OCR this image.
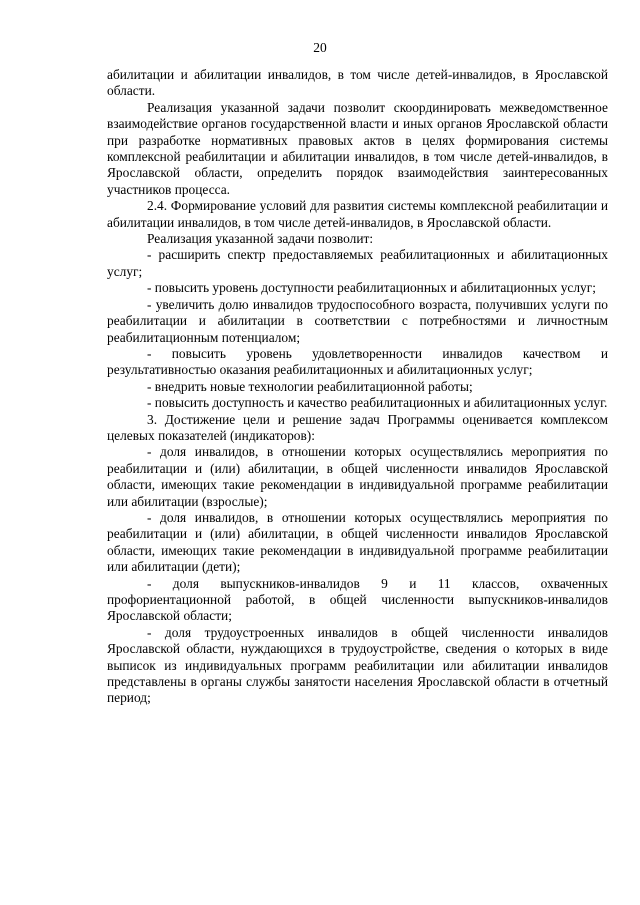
20

абилитации и абилитации инвалидов, в том числе детей-инвалидов, в Ярославской области.

Реализация указанной задачи позволит скоординировать межведомственное взаимодействие органов государственной власти и иных органов Ярославской области при разработке нормативных правовых актов в целях формирования системы комплексной реабилитации и абилитации инвалидов, в том числе детей-инвалидов, в Ярославской области, определить порядок взаимодействия заинтересованных участников процесса.

2.4. Формирование условий для развития системы комплексной реабилитации и абилитации инвалидов, в том числе детей-инвалидов, в Ярославской области.

Реализация указанной задачи позволит:

- расширить спектр предоставляемых реабилитационных и абилитационных услуг;

- повысить уровень доступности реабилитационных и абилитационных услуг;

- увеличить долю инвалидов трудоспособного возраста, получивших услуги по реабилитации и абилитации в соответствии с потребностями и личностным реабилитационным потенциалом;

- повысить уровень удовлетворенности инвалидов качеством и результативностью оказания реабилитационных и абилитационных услуг;

- внедрить новые технологии реабилитационной работы;

- повысить доступность и качество реабилитационных и абилитационных услуг.

3. Достижение цели и решение задач Программы оценивается комплексом целевых показателей (индикаторов):

- доля инвалидов, в отношении которых осуществлялись мероприятия по реабилитации и (или) абилитации, в общей численности инвалидов Ярославской области, имеющих такие рекомендации в индивидуальной программе реабилитации или абилитации (взрослые);

- доля инвалидов, в отношении которых осуществлялись мероприятия по реабилитации и (или) абилитации, в общей численности инвалидов Ярославской области, имеющих такие рекомендации в индивидуальной программе реабилитации или абилитации (дети);

- доля выпускников-инвалидов 9 и 11 классов, охваченных профориентационной работой, в общей численности выпускников-инвалидов Ярославской области;

- доля трудоустроенных инвалидов в общей численности инвалидов Ярославской области, нуждающихся в трудоустройстве, сведения о которых в виде выписок из индивидуальных программ реабилитации или абилитации инвалидов представлены в органы службы занятости населения Ярославской области в отчетный период;
